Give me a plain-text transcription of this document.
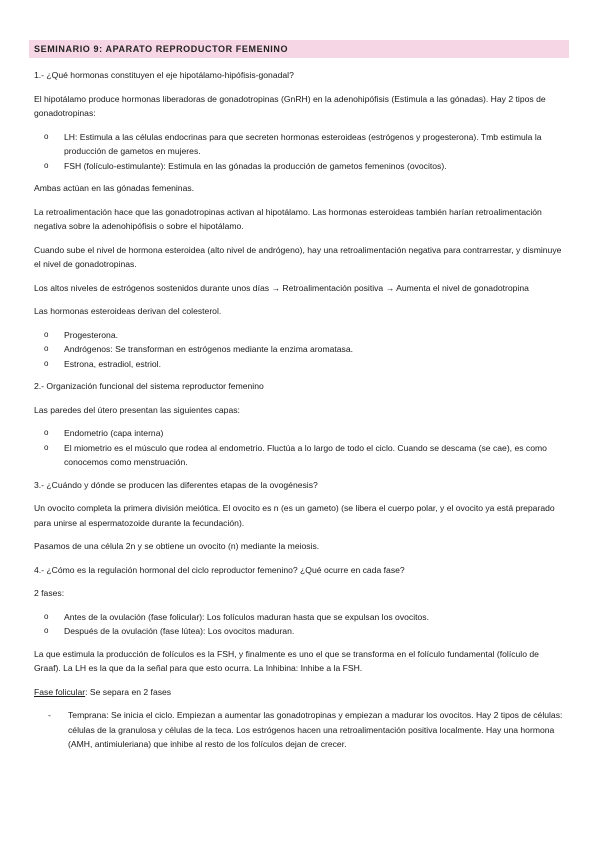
SEMINARIO 9: APARATO REPRODUCTOR FEMENINO

1.- ¿Qué hormonas constituyen el eje hipotálamo-hipófisis-gonadal?

El hipotálamo produce hormonas liberadoras de gonadotropinas (GnRH) en la adenohipófisis (Estimula a las gónadas). Hay 2 tipos de gonadotropinas:

o LH: Estimula a las células endocrinas para que secreten hormonas esteroideas (estrógenos y progesterona). Tmb estimula la producción de gametos en mujeres.
o FSH (folículo-estimulante): Estimula en las gónadas la producción de gametos femeninos (ovocitos).

Ambas actúan en las gónadas femeninas.

La retroalimentación hace que las gonadotropinas activan al hipotálamo. Las hormonas esteroideas también harían retroalimentación negativa sobre la adenohipófisis o sobre el hipotálamo.

Cuando sube el nivel de hormona esteroidea (alto nivel de andrógeno), hay una retroalimentación negativa para contrarrestar, y disminuye el nivel de gonadotropinas.

Los altos niveles de estrógenos sostenidos durante unos días → Retroalimentación positiva → Aumenta el nivel de gonadotropina

Las hormonas esteroideas derivan del colesterol.

o Progesterona.
o Andrógenos: Se transforman en estrógenos mediante la enzima aromatasa.
o Estrona, estradiol, estriol.

2.- Organización funcional del sistema reproductor femenino

Las paredes del útero presentan las siguientes capas:

o Endometrio (capa interna)
o El miometrio es el músculo que rodea al endometrio. Fluctúa a lo largo de todo el ciclo. Cuando se descama (se cae), es como conocemos como menstruación.

3.- ¿Cuándo y dónde se producen las diferentes etapas de la ovogénesis?

Un ovocito completa la primera división meiótica. El ovocito es n (es un gameto) (se libera el cuerpo polar, y el ovocito ya está preparado para unirse al espermatozoide durante la fecundación).

Pasamos de una célula 2n y se obtiene un ovocito (n) mediante la meiosis.

4.- ¿Cómo es la regulación hormonal del ciclo reproductor femenino? ¿Qué ocurre en cada fase?

2 fases:

o Antes de la ovulación (fase folicular): Los folículos maduran hasta que se expulsan los ovocitos.
o Después de la ovulación (fase lútea): Los ovocitos maduran.

La que estimula la producción de folículos es la FSH, y finalmente es uno el que se transforma en el folículo fundamental (folículo de Graaf). La LH es la que da la señal para que esto ocurra. La Inhibina: Inhibe a la FSH.

Fase folicular: Se separa en 2 fases

- Temprana: Se inicia el ciclo. Empiezan a aumentar las gonadotropinas y empiezan a madurar los ovocitos. Hay 2 tipos de células: células de la granulosa y células de la teca. Los estrógenos hacen una retroalimentación positiva localmente. Hay una hormona (AMH, antimiuleriana) que inhibe al resto de los folículos dejan de crecer.
